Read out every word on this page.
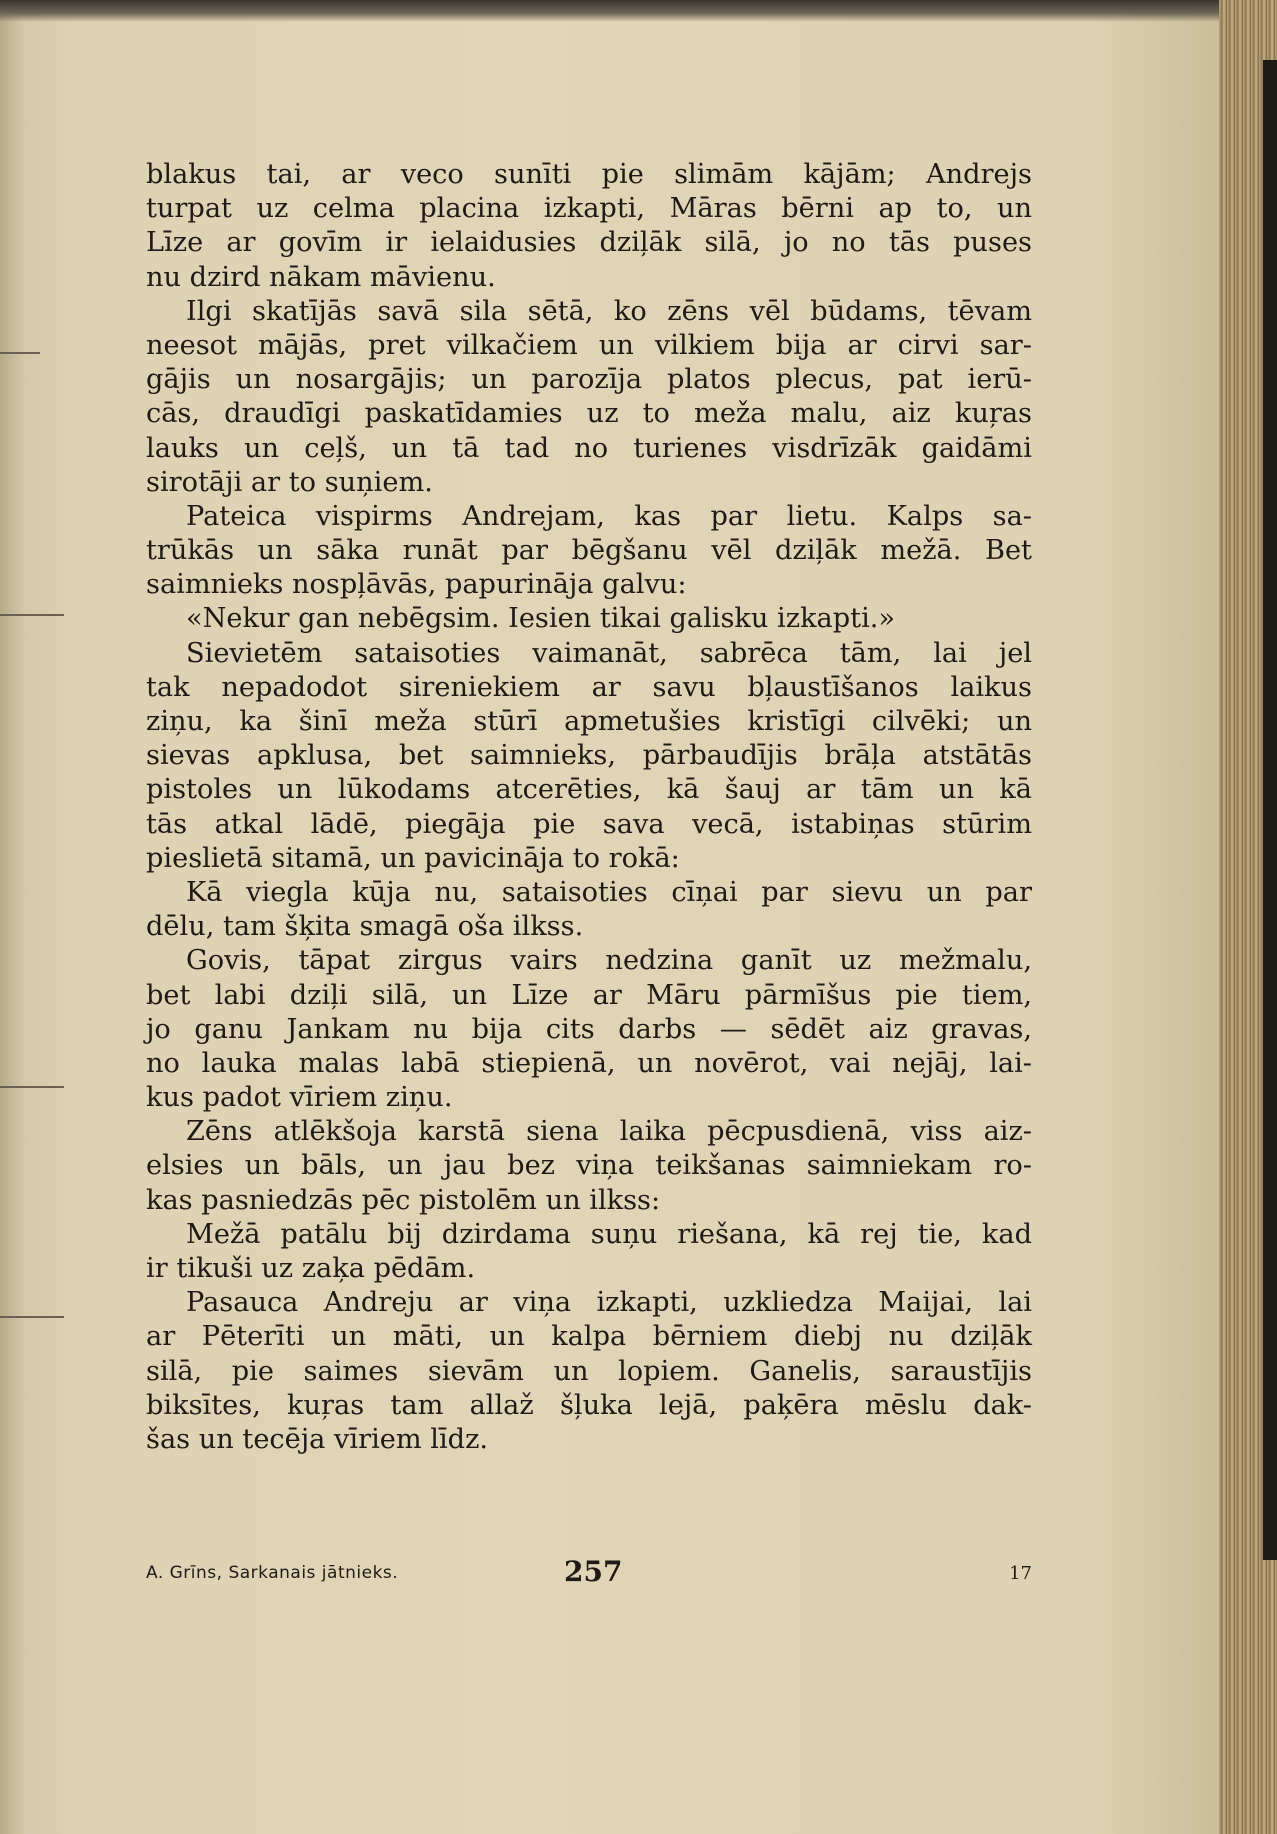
blakus tai, ar veco sunīti pie slimām kājām; Andrejs
turpat uz celma placina izkapti, Māras bērni ap to, un
Līze ar govīm ir ielaidusies dziļāk silā, jo no tās puses
nu dzird nākam māvienu.
Ilgi skatījās savā sila sētā, ko zēns vēl būdams, tēvam
neesot mājās, pret vilkačiem un vilkiem bija ar cirvi sar-
gājis un nosargājis; un parozīja platos plecus, pat ierū-
cās, draudīgi paskatīdamies uz to meža malu, aiz kuŗas
lauks un ceļš, un tā tad no turienes visdrīzāk gaidāmi
sirotāji ar to suņiem.
Pateica vispirms Andrejam, kas par lietu. Kalps sa-
trūkās un sāka runāt par bēgšanu vēl dziļāk mežā. Bet
saimnieks nospļāvās, papurināja galvu:
«Nekur gan nebēgsim. Iesien tikai galisku izkapti.»
Sievietēm sataisoties vaimanāt, sabrēca tām, lai jel
tak nepadodot sireniekiem ar savu bļaustīšanos laikus
ziņu, ka šinī meža stūrī apmetušies kristīgi cilvēki; un
sievas apklusa, bet saimnieks, pārbaudījis brāļa atstātās
pistoles un lūkodams atcerēties, kā šauj ar tām un kā
tās atkal lādē, piegāja pie sava vecā, istabiņas stūrim
pieslietā sitamā, un pavicināja to rokā:
Kā viegla kūja nu, sataisoties cīņai par sievu un par
dēlu, tam šķita smagā oša ilkss.
Govis, tāpat zirgus vairs nedzina ganīt uz mežmalu,
bet labi dziļi silā, un Līze ar Māru pārmīšus pie tiem,
jo ganu Jankam nu bija cits darbs — sēdēt aiz gravas,
no lauka malas labā stiepienā, un novērot, vai nejāj, lai-
kus padot vīriem ziņu.
Zēns atlēkšoja karstā siena laika pēcpusdienā, viss aiz-
elsies un bāls, un jau bez viņa teikšanas saimniekam ro-
kas pasniedzās pēc pistolēm un ilkss:
Mežā patālu bij dzirdama suņu riešana, kā rej tie, kad
ir tikuši uz zaķa pēdām.
Pasauca Andreju ar viņa izkapti, uzkliedza Maijai, lai
ar Pēterīti un māti, un kalpa bērniem diebj nu dziļāk
silā, pie saimes sievām un lopiem. Ganelis, saraustījis
biksītes, kuŗas tam allaž šļuka lejā, paķēra mēslu dak-
šas un tecēja vīriem līdz.
A. Grīns, Sarkanais jātnieks.	257	17
